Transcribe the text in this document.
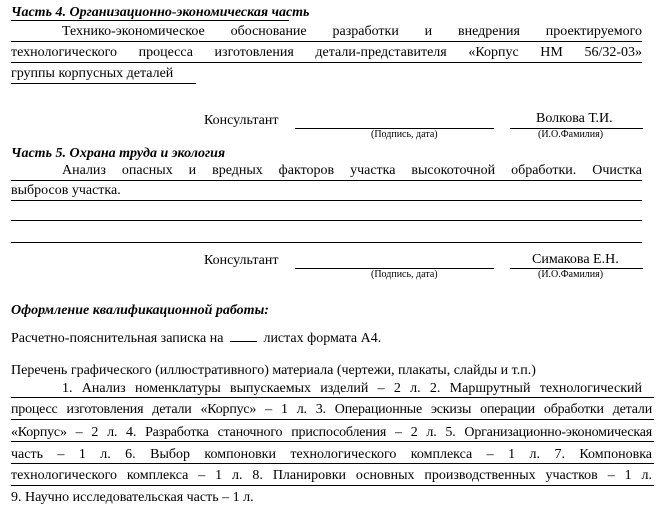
Часть 4. Организационно-экономическая часть
Технико-экономическое обоснование разработки и внедрения проектируемого
технологического процесса изготовления детали-представителя «Корпус НМ 56/32-03»
группы корпусных деталей
Консультант
(Подпись, дата)
Волкова Т.И.
(И.О.Фамилия)
Часть 5. Охрана труда и экология
Анализ опасных и вредных факторов участка высокоточной обработки. Очистка
выбросов участка.
Консультант
(Подпись, дата)
Симакова Е.Н.
(И.О.Фамилия)
Оформление квалификационной работы:
Расчетно-пояснительная записка на	листах формата А4.
Перечень графического (иллюстративного) материала (чертежи, плакаты, слайды и т.п.)
1. Анализ номенклатуры выпускаемых изделий – 2 л. 2. Маршрутный технологический
процесс изготовления детали «Корпус» – 1 л. 3. Операционные эскизы операции обработки детали
«Корпус» – 2 л. 4. Разработка станочного приспособления – 2 л. 5. Организационно-экономическая
часть – 1 л. 6. Выбор компоновки технологического комплекса – 1 л. 7. Компоновка
технологического комплекса – 1 л. 8. Планировки основных производственных участков – 1 л.
9. Научно исследовательская часть – 1 л.
